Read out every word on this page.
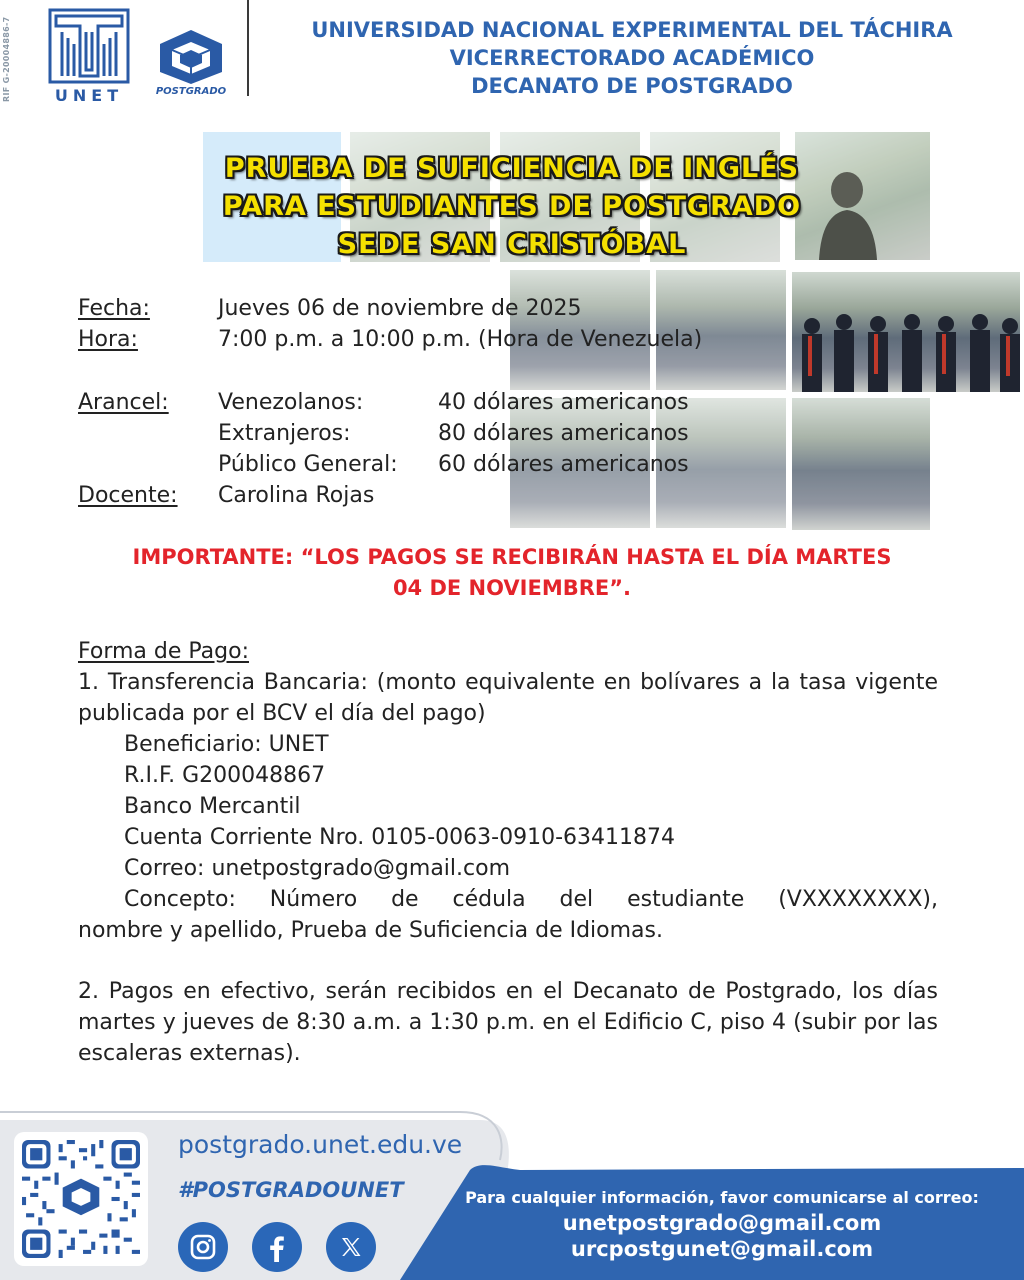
RIF G-20004886-7	UNET	POSTGRADO
UNIVERSIDAD NACIONAL EXPERIMENTAL DEL TÁCHIRA
VICERRECTORADO ACADÉMICO
DECANATO DE POSTGRADO
PRUEBA DE SUFICIENCIA DE INGLÉS
PARA ESTUDIANTES DE POSTGRADO
SEDE SAN CRISTÓBAL
Fecha:	Jueves 06 de noviembre de 2025
Hora:	7:00 p.m. a 10:00 p.m. (Hora de Venezuela)
Arancel: Venezolanos:	40 dólares americanos
Extranjeros:	80 dólares americanos
Público General: 60 dólares americanos
Docente: Carolina Rojas
IMPORTANTE: “LOS PAGOS SE RECIBIRÁN HASTA EL DÍA MARTES
04 DE NOVIEMBRE”.
Forma de Pago:
1. Transferencia Bancaria: (monto equivalente en bolívares a la tasa vigente publicada por el BCV el día del pago)
Beneficiario: UNET
R.I.F. G200048867
Banco Mercantil
Cuenta Corriente Nro. 0105-0063-0910-63411874
Correo: unetpostgrado@gmail.com
Concepto: Número de cédula del estudiante (VXXXXXXXX),
nombre y apellido, Prueba de Suficiencia de Idiomas.
2. Pagos en efectivo, serán recibidos en el Decanato de Postgrado, los días martes y jueves de 8:30 a.m. a 1:30 p.m. en el Edificio C, piso 4 (subir por las escaleras externas).
postgrado.unet.edu.ve
#POSTGRADOUNET	Para cualquier información, favor comunicarse al correo:
unetpostgrado@gmail.com
urcpostgunet@gmail.com
